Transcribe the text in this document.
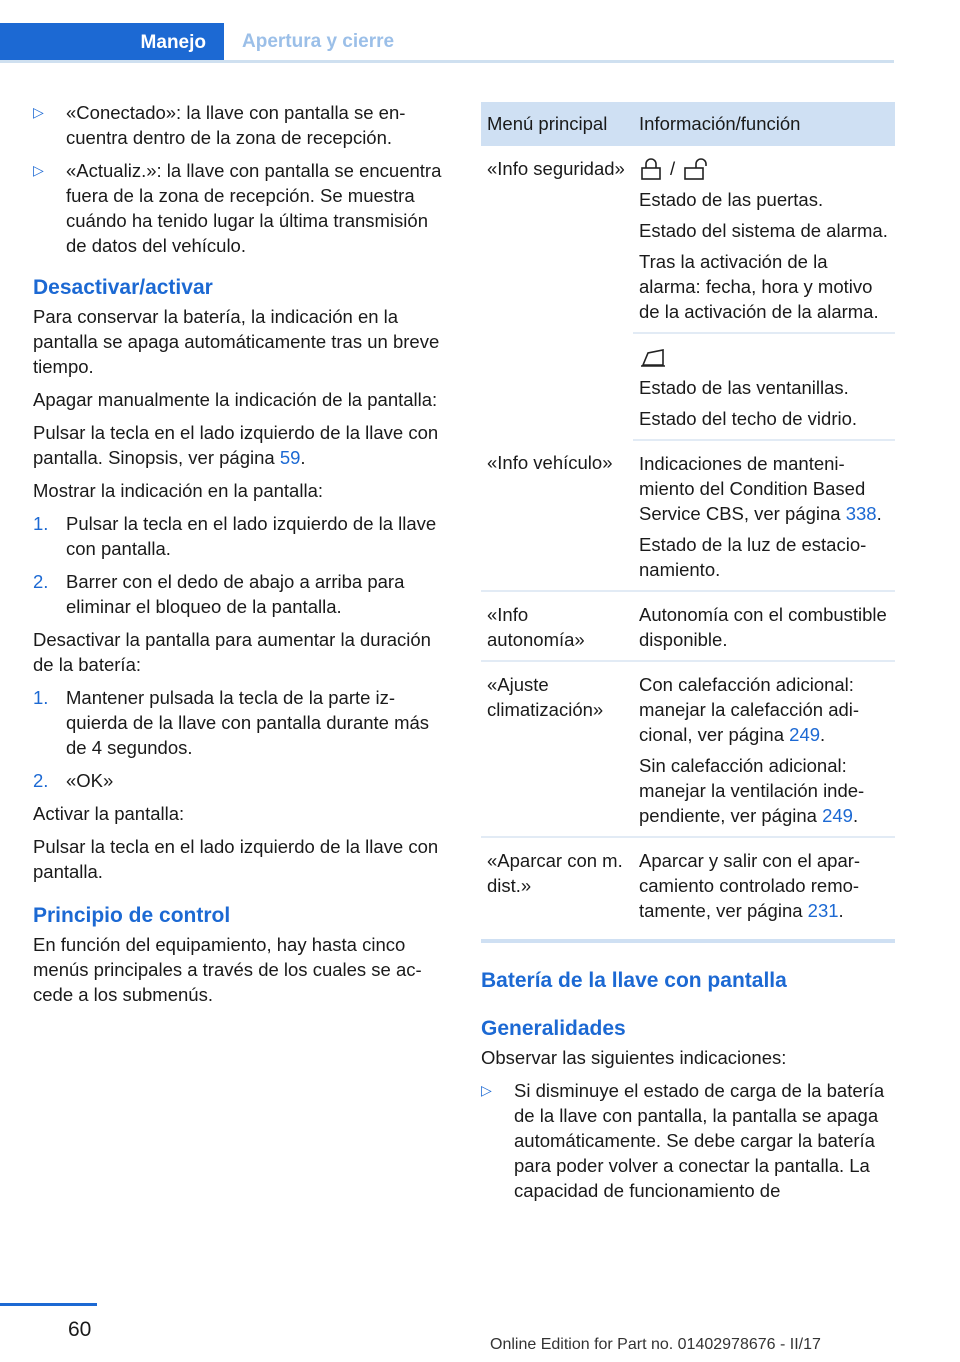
Manejo Apertura y cierre
▷ «Conectado»: la llave con pantalla se encuentra dentro de la zona de recepción.
▷ «Actualiz.»: la llave con pantalla se encuentra fuera de la zona de recepción. Se muestra cuándo ha tenido lugar la última transmisión de datos del vehículo.
Desactivar/activar

Para conservar la batería, la indicación en la pantalla se apaga automáticamente tras un breve tiempo.

Apagar manualmente la indicación de la pantalla:

Pulsar la tecla en el lado izquierdo de la llave con pantalla. Sinopsis, ver página 59.

Mostrar la indicación en la pantalla:

1. Pulsar la tecla en el lado izquierdo de la llave con pantalla.
2. Barrer con el dedo de abajo a arriba para eliminar el bloqueo de la pantalla.

Desactivar la pantalla para aumentar la duración de la batería:

1. Mantener pulsada la tecla de la parte izquierda de la llave con pantalla durante más de 4 segundos.
2. «OK»

Activar la pantalla:

Pulsar la tecla en el lado izquierdo de la llave con pantalla.

Principio de control

En función del equipamiento, hay hasta cinco menús principales a través de los cuales se accede a los submenús.

Menú principal	Información/función
«Info seguridad»	/

Estado de las puertas.

Estado del sistema de alarma.

Tras la activación de la alarma: fecha, hora y motivo de la activación de la alarma.

	Estado de las ventanillas.

Estado del techo de vidrio.

«Info vehículo»	Indicaciones de mantenimiento del Condition Based Service CBS, ver página 338.

Estado de la luz de estacionamiento.

«Info autonomía»	Autonomía con el combustible disponible.
«Ajuste climatización»	Con calefacción adicional: manejar la calefacción adicional, ver página 249.

Sin calefacción adicional: manejar la ventilación independiente, ver página 249.

«Aparcar con m. dist.»	Aparcar y salir con el aparcamiento controlado remotamente, ver página 231.

Batería de la llave con pantalla
Generalidades

Observar las siguientes indicaciones:

▷ Si disminuye el estado de carga de la batería de la llave con pantalla, la pantalla se apaga automáticamente. Se debe cargar la batería para poder volver a conectar la pantalla. La capacidad de funcionamiento de
60
Online Edition for Part no. 01402978676 - II/17
